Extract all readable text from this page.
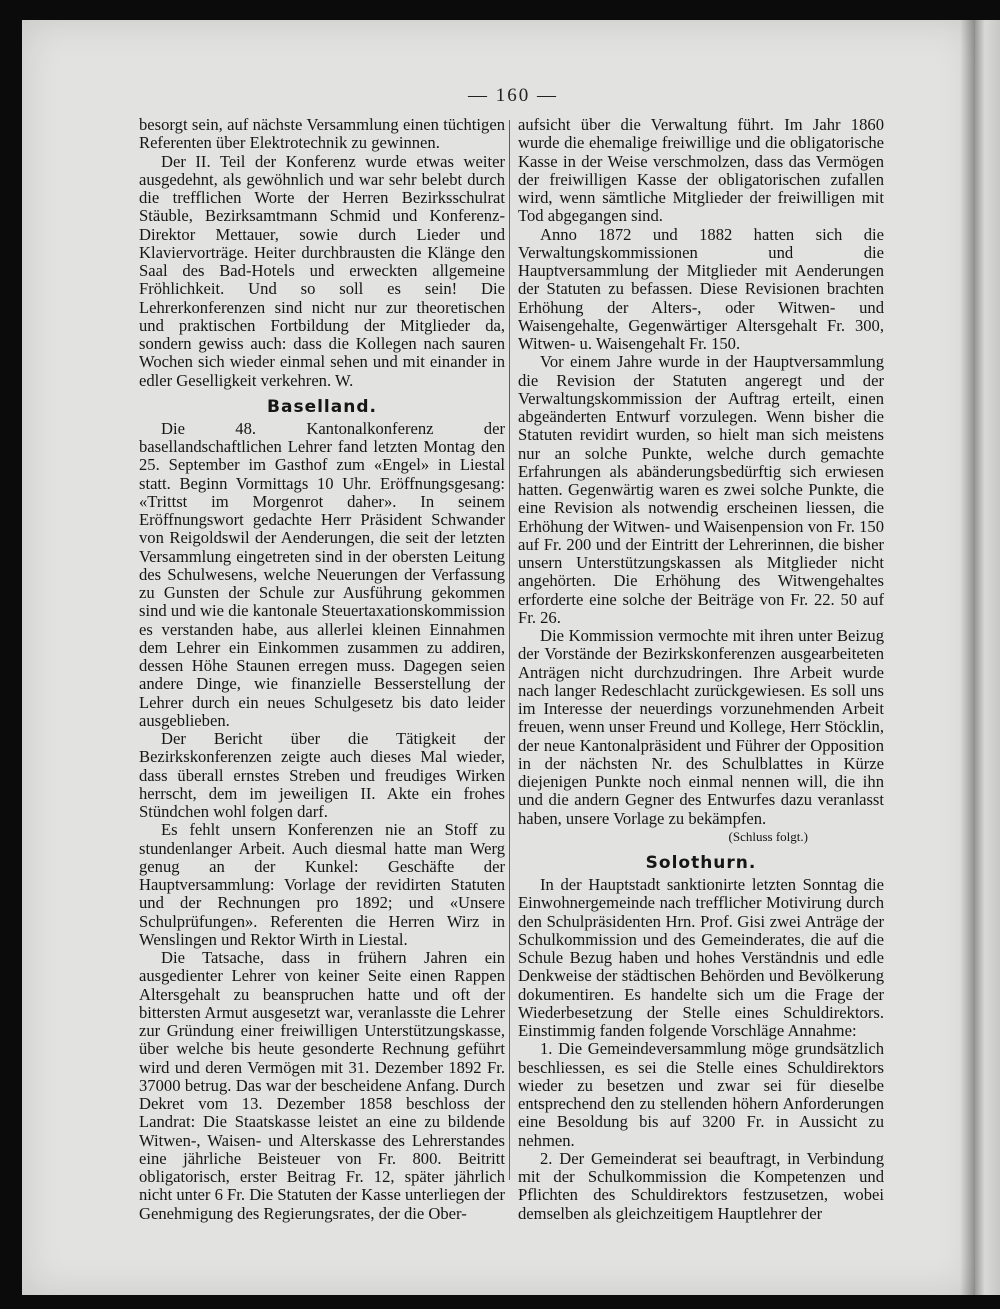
— 160 —

besorgt sein, auf nächste Versammlung einen tüchtigen Referenten über Elektrotechnik zu gewinnen.

Der II. Teil der Konferenz wurde etwas weiter ausgedehnt, als gewöhnlich und war sehr belebt durch die trefflichen Worte der Herren Bezirksschulrat Stäuble, Bezirksamtmann Schmid und Konferenz-Direktor Mettauer, sowie durch Lieder und Klaviervorträge. Heiter durchbrausten die Klänge den Saal des Bad-Hotels und erweckten allgemeine Fröhlichkeit. Und so soll es sein! Die Lehrerkonferenzen sind nicht nur zur theoretischen und praktischen Fortbildung der Mitglieder da, sondern gewiss auch: dass die Kollegen nach sauren Wochen sich wieder einmal sehen und mit einander in edler Geselligkeit verkehren. W.

Baselland.

Die 48. Kantonalkonferenz der basellandschaftlichen Lehrer fand letzten Montag den 25. September im Gasthof zum «Engel» in Liestal statt. Beginn Vormittags 10 Uhr. Eröffnungsgesang: «Trittst im Morgenrot daher». In seinem Eröffnungswort gedachte Herr Präsident Schwander von Reigoldswil der Aenderungen, die seit der letzten Versammlung eingetreten sind in der obersten Leitung des Schulwesens, welche Neuerungen der Verfassung zu Gunsten der Schule zur Ausführung gekommen sind und wie die kantonale Steuertaxationskommission es verstanden habe, aus allerlei kleinen Einnahmen dem Lehrer ein Einkommen zusammen zu addiren, dessen Höhe Staunen erregen muss. Dagegen seien andere Dinge, wie finanzielle Besserstellung der Lehrer durch ein neues Schulgesetz bis dato leider ausgeblieben.

Der Bericht über die Tätigkeit der Bezirkskonferenzen zeigte auch dieses Mal wieder, dass überall ernstes Streben und freudiges Wirken herrscht, dem im jeweiligen II. Akte ein frohes Stündchen wohl folgen darf.

Es fehlt unsern Konferenzen nie an Stoff zu stundenlanger Arbeit. Auch diesmal hatte man Werg genug an der Kunkel: Geschäfte der Hauptversammlung: Vorlage der revidirten Statuten und der Rechnungen pro 1892; und «Unsere Schulprüfungen». Referenten die Herren Wirz in Wenslingen und Rektor Wirth in Liestal.

Die Tatsache, dass in frühern Jahren ein ausgedienter Lehrer von keiner Seite einen Rappen Altersgehalt zu beanspruchen hatte und oft der bittersten Armut ausgesetzt war, veranlasste die Lehrer zur Gründung einer freiwilligen Unterstützungskasse, über welche bis heute gesonderte Rechnung geführt wird und deren Vermögen mit 31. Dezember 1892 Fr. 37000 betrug. Das war der bescheidene Anfang. Durch Dekret vom 13. Dezember 1858 beschloss der Landrat: Die Staatskasse leistet an eine zu bildende Witwen-, Waisen- und Alterskasse des Lehrerstandes eine jährliche Beisteuer von Fr. 800. Beitritt obligatorisch, erster Beitrag Fr. 12, später jährlich nicht unter 6 Fr. Die Statuten der Kasse unterliegen der Genehmigung des Regierungsrates, der die Ober-

aufsicht über die Verwaltung führt. Im Jahr 1860 wurde die ehemalige freiwillige und die obligatorische Kasse in der Weise verschmolzen, dass das Vermögen der freiwilligen Kasse der obligatorischen zufallen wird, wenn sämtliche Mitglieder der freiwilligen mit Tod abgegangen sind.

Anno 1872 und 1882 hatten sich die Verwaltungskommissionen und die Hauptversammlung der Mitglieder mit Aenderungen der Statuten zu befassen. Diese Revisionen brachten Erhöhung der Alters-, oder Witwen- und Waisengehalte, Gegenwärtiger Altersgehalt Fr. 300, Witwen- u. Waisengehalt Fr. 150.

Vor einem Jahre wurde in der Hauptversammlung die Revision der Statuten angeregt und der Verwaltungskommission der Auftrag erteilt, einen abgeänderten Entwurf vorzulegen. Wenn bisher die Statuten revidirt wurden, so hielt man sich meistens nur an solche Punkte, welche durch gemachte Erfahrungen als abänderungsbedürftig sich erwiesen hatten. Gegenwärtig waren es zwei solche Punkte, die eine Revision als notwendig erscheinen liessen, die Erhöhung der Witwen- und Waisenpension von Fr. 150 auf Fr. 200 und der Eintritt der Lehrerinnen, die bisher unsern Unterstützungskassen als Mitglieder nicht angehörten. Die Erhöhung des Witwengehaltes erforderte eine solche der Beiträge von Fr. 22. 50 auf Fr. 26.

Die Kommission vermochte mit ihren unter Beizug der Vorstände der Bezirkskonferenzen ausgearbeiteten Anträgen nicht durchzudringen. Ihre Arbeit wurde nach langer Redeschlacht zurückgewiesen. Es soll uns im Interesse der neuerdings vorzunehmenden Arbeit freuen, wenn unser Freund und Kollege, Herr Stöcklin, der neue Kantonalpräsident und Führer der Opposition in der nächsten Nr. des Schulblattes in Kürze diejenigen Punkte noch einmal nennen will, die ihn und die andern Gegner des Entwurfes dazu veranlasst haben, unsere Vorlage zu bekämpfen.

(Schluss folgt.)

Solothurn.

In der Hauptstadt sanktionirte letzten Sonntag die Einwohnergemeinde nach trefflicher Motivirung durch den Schulpräsidenten Hrn. Prof. Gisi zwei Anträge der Schulkommission und des Gemeinderates, die auf die Schule Bezug haben und hohes Verständnis und edle Denkweise der städtischen Behörden und Bevölkerung dokumentiren. Es handelte sich um die Frage der Wiederbesetzung der Stelle eines Schuldirektors. Einstimmig fanden folgende Vorschläge Annahme:

1. Die Gemeindeversammlung möge grundsätzlich beschliessen, es sei die Stelle eines Schuldirektors wieder zu besetzen und zwar sei für dieselbe entsprechend den zu stellenden höhern Anforderungen eine Besoldung bis auf 3200 Fr. in Aussicht zu nehmen.

2. Der Gemeinderat sei beauftragt, in Verbindung mit der Schulkommission die Kompetenzen und Pflichten des Schuldirektors festzusetzen, wobei demselben als gleichzeitigem Hauptlehrer der
